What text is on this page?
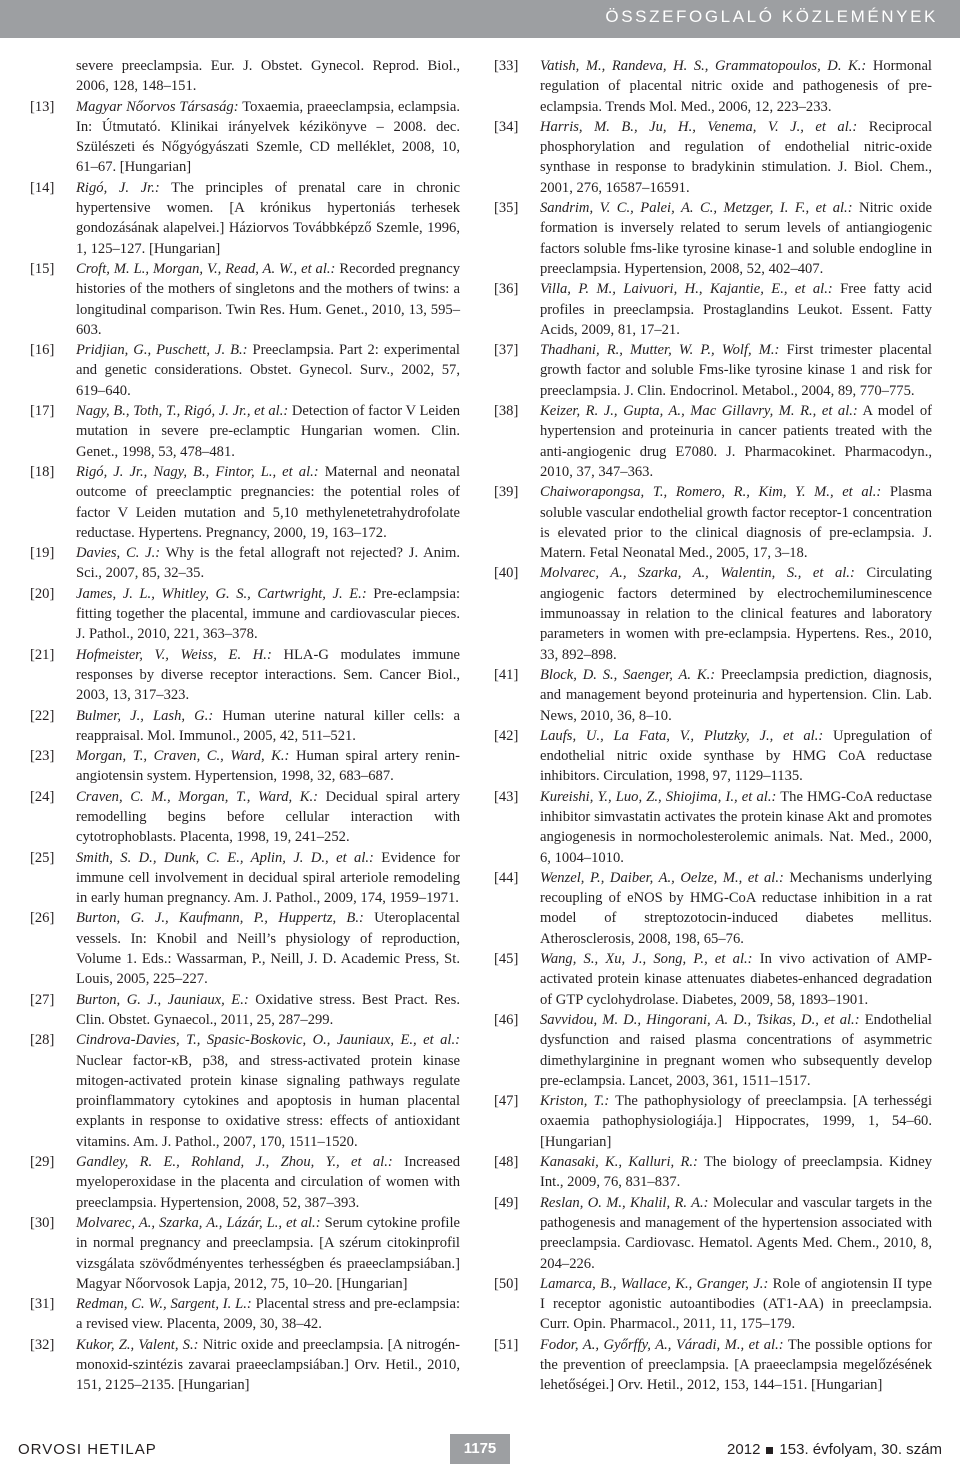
ÖSSZEFOGLALÓ KÖZLEMÉNYEK
severe preeclampsia. Eur. J. Obstet. Gynecol. Reprod. Biol., 2006, 128, 148–151.
[13] Magyar Nőorvos Társaság: Toxaemia, praeeclampsia, eclampsia. In: Útmutató. Klinikai irányelvek kézikönyve – 2008. dec. Szülészeti és Nőgyógyászati Szemle, CD melléklet, 2008, 10, 61–67. [Hungarian]
[14] Rigó, J. Jr.: The principles of prenatal care in chronic hypertensive women. [A krónikus hypertoniás terhesek gondozásának alapelvei.] Háziorvos Továbbképző Szemle, 1996, 1, 125–127. [Hungarian]
[15] Croft, M. L., Morgan, V., Read, A. W., et al.: Recorded pregnancy histories of the mothers of singletons and the mothers of twins: a longitudinal comparison. Twin Res. Hum. Genet., 2010, 13, 595–603.
[16] Pridjian, G., Puschett, J. B.: Preeclampsia. Part 2: experimental and genetic considerations. Obstet. Gynecol. Surv., 2002, 57, 619–640.
[17] Nagy, B., Toth, T., Rigó, J. Jr., et al.: Detection of factor V Leiden mutation in severe pre-eclamptic Hungarian women. Clin. Genet., 1998, 53, 478–481.
[18] Rigó, J. Jr., Nagy, B., Fintor, L., et al.: Maternal and neonatal outcome of preeclamptic pregnancies: the potential roles of factor V Leiden mutation and 5,10 methylenetetrahydrofolate reductase. Hypertens. Pregnancy, 2000, 19, 163–172.
[19] Davies, C. J.: Why is the fetal allograft not rejected? J. Anim. Sci., 2007, 85, 32–35.
[20] James, J. L., Whitley, G. S., Cartwright, J. E.: Pre-eclampsia: fitting together the placental, immune and cardiovascular pieces. J. Pathol., 2010, 221, 363–378.
[21] Hofmeister, V., Weiss, E. H.: HLA-G modulates immune responses by diverse receptor interactions. Sem. Cancer Biol., 2003, 13, 317–323.
[22] Bulmer, J., Lash, G.: Human uterine natural killer cells: a reappraisal. Mol. Immunol., 2005, 42, 511–521.
[23] Morgan, T., Craven, C., Ward, K.: Human spiral artery renin-angiotensin system. Hypertension, 1998, 32, 683–687.
[24] Craven, C. M., Morgan, T., Ward, K.: Decidual spiral artery remodelling begins before cellular interaction with cytotrophoblasts. Placenta, 1998, 19, 241–252.
[25] Smith, S. D., Dunk, C. E., Aplin, J. D., et al.: Evidence for immune cell involvement in decidual spiral arteriole remodeling in early human pregnancy. Am. J. Pathol., 2009, 174, 1959–1971.
[26] Burton, G. J., Kaufmann, P., Huppertz, B.: Uteroplacental vessels. In: Knobil and Neill’s physiology of reproduction, Volume 1. Eds.: Wassarman, P., Neill, J. D. Academic Press, St. Louis, 2005, 225–227.
[27] Burton, G. J., Jauniaux, E.: Oxidative stress. Best Pract. Res. Clin. Obstet. Gynaecol., 2011, 25, 287–299.
[28] Cindrova-Davies, T., Spasic-Boskovic, O., Jauniaux, E., et al.: Nuclear factor-κB, p38, and stress-activated protein kinase mitogen-activated protein kinase signaling pathways regulate proinflammatory cytokines and apoptosis in human placental explants in response to oxidative stress: effects of antioxidant vitamins. Am. J. Pathol., 2007, 170, 1511–1520.
[29] Gandley, R. E., Rohland, J., Zhou, Y., et al.: Increased myeloperoxidase in the placenta and circulation of women with preeclampsia. Hypertension, 2008, 52, 387–393.
[30] Molvarec, A., Szarka, A., Lázár, L., et al.: Serum cytokine profile in normal pregnancy and preeclampsia. [A szérum citokinprofil vizsgálata szövődményentes terhességben és praeeclampsiában.] Magyar Nőorvosok Lapja, 2012, 75, 10–20. [Hungarian]
[31] Redman, C. W., Sargent, I. L.: Placental stress and pre-eclampsia: a revised view. Placenta, 2009, 30, 38–42.
[32] Kukor, Z., Valent, S.: Nitric oxide and preeclampsia. [A nitrogén-monoxid-szintézis zavarai praeeclampsiában.] Orv. Hetil., 2010, 151, 2125–2135. [Hungarian]
[33] Vatish, M., Randeva, H. S., Grammatopoulos, D. K.: Hormonal regulation of placental nitric oxide and pathogenesis of pre-eclampsia. Trends Mol. Med., 2006, 12, 223–233.
[34] Harris, M. B., Ju, H., Venema, V. J., et al.: Reciprocal phosphorylation and regulation of endothelial nitric-oxide synthase in response to bradykinin stimulation. J. Biol. Chem., 2001, 276, 16587–16591.
[35] Sandrim, V. C., Palei, A. C., Metzger, I. F., et al.: Nitric oxide formation is inversely related to serum levels of antiangiogenic factors soluble fms-like tyrosine kinase-1 and soluble endogline in preeclampsia. Hypertension, 2008, 52, 402–407.
[36] Villa, P. M., Laivuori, H., Kajantie, E., et al.: Free fatty acid profiles in preeclampsia. Prostaglandins Leukot. Essent. Fatty Acids, 2009, 81, 17–21.
[37] Thadhani, R., Mutter, W. P., Wolf, M.: First trimester placental growth factor and soluble Fms-like tyrosine kinase 1 and risk for preeclampsia. J. Clin. Endocrinol. Metabol., 2004, 89, 770–775.
[38] Keizer, R. J., Gupta, A., Mac Gillavry, M. R., et al.: A model of hypertension and proteinuria in cancer patients treated with the anti-angiogenic drug E7080. J. Pharmacokinet. Pharmacodyn., 2010, 37, 347–363.
[39] Chaiworapongsa, T., Romero, R., Kim, Y. M., et al.: Plasma soluble vascular endothelial growth factor receptor-1 concentration is elevated prior to the clinical diagnosis of pre-eclampsia. J. Matern. Fetal Neonatal Med., 2005, 17, 3–18.
[40] Molvarec, A., Szarka, A., Walentin, S., et al.: Circulating angiogenic factors determined by electrochemiluminescence immunoassay in relation to the clinical features and laboratory parameters in women with pre-eclampsia. Hypertens. Res., 2010, 33, 892–898.
[41] Block, D. S., Saenger, A. K.: Preeclampsia prediction, diagnosis, and management beyond proteinuria and hypertension. Clin. Lab. News, 2010, 36, 8–10.
[42] Laufs, U., La Fata, V., Plutzky, J., et al.: Upregulation of endothelial nitric oxide synthase by HMG CoA reductase inhibitors. Circulation, 1998, 97, 1129–1135.
[43] Kureishi, Y., Luo, Z., Shiojima, I., et al.: The HMG-CoA reductase inhibitor simvastatin activates the protein kinase Akt and promotes angiogenesis in normocholesterolemic animals. Nat. Med., 2000, 6, 1004–1010.
[44] Wenzel, P., Daiber, A., Oelze, M., et al.: Mechanisms underlying recoupling of eNOS by HMG-CoA reductase inhibition in a rat model of streptozotocin-induced diabetes mellitus. Atherosclerosis, 2008, 198, 65–76.
[45] Wang, S., Xu, J., Song, P., et al.: In vivo activation of AMP-activated protein kinase attenuates diabetes-enhanced degradation of GTP cyclohydrolase. Diabetes, 2009, 58, 1893–1901.
[46] Savvidou, M. D., Hingorani, A. D., Tsikas, D., et al.: Endothelial dysfunction and raised plasma concentrations of asymmetric dimethylarginine in pregnant women who subsequently develop pre-eclampsia. Lancet, 2003, 361, 1511–1517.
[47] Kriston, T.: The pathophysiology of preeclampsia. [A terhességi oxaemia pathophysiologiája.] Hippocrates, 1999, 1, 54–60. [Hungarian]
[48] Kanasaki, K., Kalluri, R.: The biology of preeclampsia. Kidney Int., 2009, 76, 831–837.
[49] Reslan, O. M., Khalil, R. A.: Molecular and vascular targets in the pathogenesis and management of the hypertension associated with preeclampsia. Cardiovasc. Hematol. Agents Med. Chem., 2010, 8, 204–226.
[50] Lamarca, B., Wallace, K., Granger, J.: Role of angiotensin II type I receptor agonistic autoantibodies (AT1-AA) in preeclampsia. Curr. Opin. Pharmacol., 2011, 11, 175–179.
[51] Fodor, A., Győrffy, A., Váradi, M., et al.: The possible options for the prevention of preeclampsia. [A praeeclampsia megelőzésének lehetőségei.] Orv. Hetil., 2012, 153, 144–151. [Hungarian]
ORVOSI HETILAP	1175	2012 153. évfolyam, 30. szám
